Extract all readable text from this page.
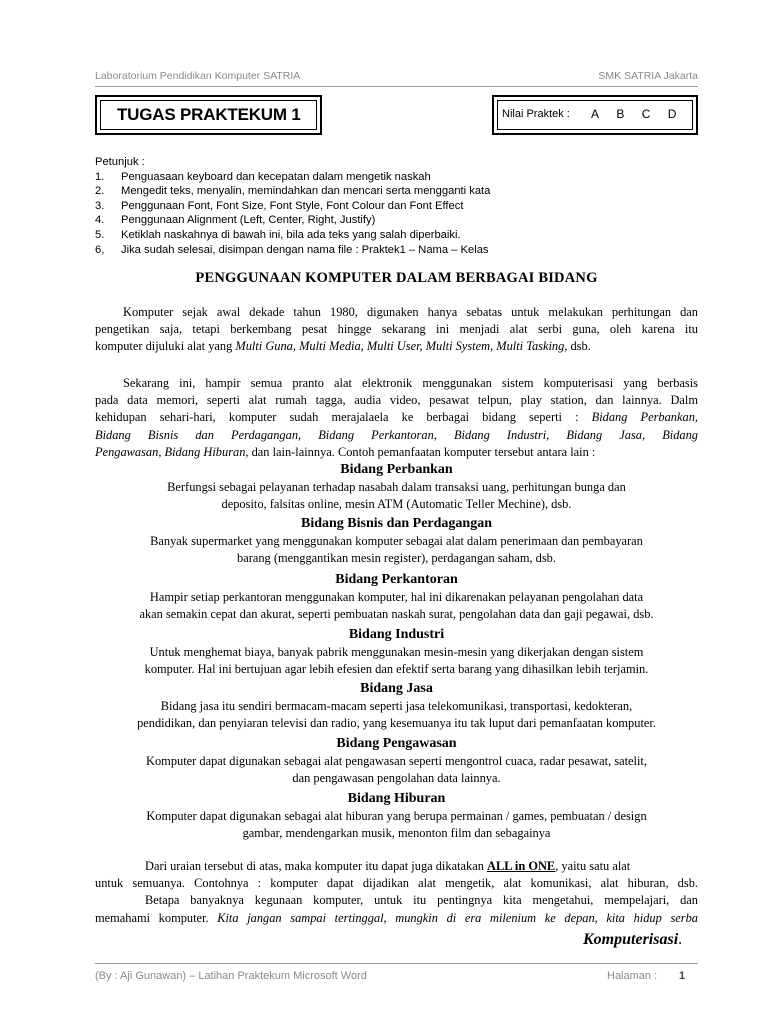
Laboratorium Pendidikan Komputer SATRIA	SMK SATRIA Jakarta
TUGAS PRAKTEKUM 1	Nilai Praktek : A B C D
Petunjuk :
1. Penguasaan keyboard dan kecepatan dalam mengetik naskah
2. Mengedit teks, menyalin, memindahkan dan mencari serta mengganti kata
3. Penggunaan Font, Font Size, Font Style, Font Colour dan Font Effect
4. Penggunaan Alignment (Left, Center, Right, Justify)
5. Ketiklah naskahnya di bawah ini, bila ada teks yang salah diperbaiki.
6, Jika sudah selesai, disimpan dengan nama file : Praktek1 – Nama – Kelas
PENGGUNAAN KOMPUTER DALAM BERBAGAI BIDANG
Komputer sejak awal dekade tahun 1980, digunaken hanya sebatas untuk melakukan perhitungan dan
pengetikan saja, tetapi berkembang pesat hingge sekarang ini menjadi alat serbi guna, oleh karena itu
komputer dijuluki alat yang Multi Guna, Multi Media, Multi User, Multi System, Multi Tasking, dsb.
Sekarang ini, hampir semua pranto alat elektronik menggunakan sistem komputerisasi yang berbasis
pada data memori, seperti alat rumah tagga, audia video, pesawat telpun, play station, dan lainnya. Dalm
kehidupan sehari-hari, komputer sudah merajalaela ke berbagai bidang seperti : Bidang Perbankan,
Bidang Bisnis dan Perdagangan, Bidang Perkantoran, Bidang Industri, Bidang Jasa, Bidang
Pengawasan, Bidang Hiburan, dan lain-lainnya. Contoh pemanfaatan komputer tersebut antara lain :
Bidang Perbankan
Berfungsi sebagai pelayanan terhadap nasabah dalam transaksi uang, perhitungan bunga dan
deposito, falsitas online, mesin ATM (Automatic Teller Mechine), dsb.
Bidang Bisnis dan Perdagangan
Banyak supermarket yang menggunakan komputer sebagai alat dalam penerimaan dan pembayaran
barang (menggantikan mesin register), perdagangan saham, dsb.
Bidang Perkantoran
Hampir setiap perkantoran menggunakan komputer, hal ini dikarenakan pelayanan pengolahan data
akan semakin cepat dan akurat, seperti pembuatan naskah surat, pengolahan data dan gaji pegawai, dsb.
Bidang Industri
Untuk menghemat biaya, banyak pabrik menggunakan mesin-mesin yang dikerjakan dengan sistem
komputer. Hal ini bertujuan agar lebih efesien dan efektif serta barang yang dihasilkan lebih terjamin.
Bidang Jasa
Bidang jasa itu sendiri bermacam-macam seperti jasa telekomunikasi, transportasi, kedokteran,
pendidikan, dan penyiaran televisi dan radio, yang kesemuanya itu tak luput dari pemanfaatan komputer.
Bidang Pengawasan
Komputer dapat digunakan sebagai alat pengawasan seperti mengontrol cuaca, radar pesawat, satelit,
dan pengawasan pengolahan data lainnya.
Bidang Hiburan
Komputer dapat digunakan sebagai alat hiburan yang berupa permainan / games, pembuatan / design
gambar, mendengarkan musik, menonton film dan sebagainya
Dari uraian tersebut di atas, maka komputer itu dapat juga dikatakan ALL in ONE, yaitu satu alat
untuk semuanya. Contohnya : komputer dapat dijadikan alat mengetik, alat komunikasi, alat hiburan, dsb.
Betapa banyaknya kegunaan komputer, untuk itu pentingnya kita mengetahui, mempelajari, dan
memahami komputer. Kita jangan sampai tertinggal, mungkin di era milenium ke depan, kita hidup serba
Komputerisasi.
(By : Aji Gunawan) – Latihan Praktekum Microsoft Word	Halaman : 1
